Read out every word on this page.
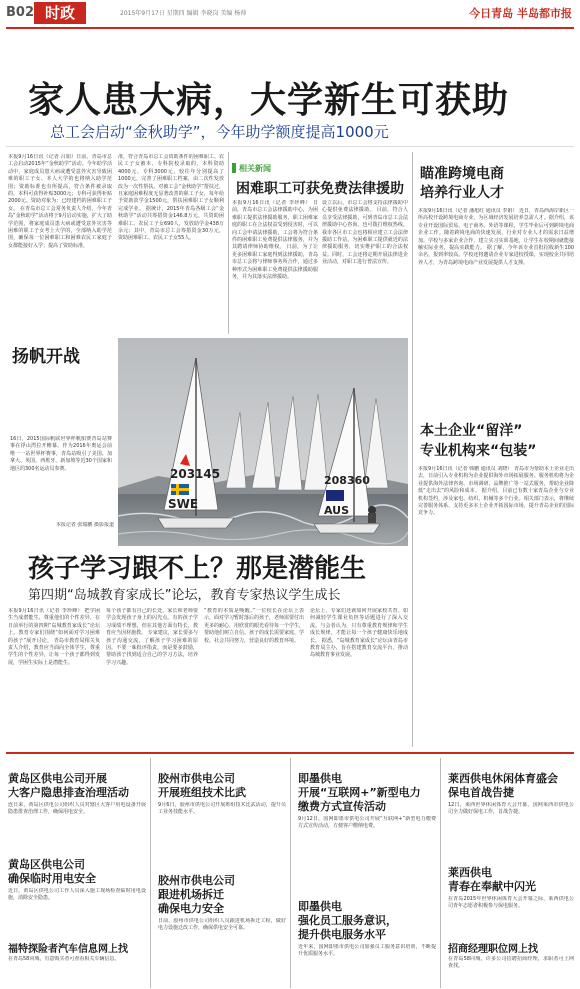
B02 时政	2015年9月17日 星期四 编辑 李晓岗 美编 杨帅	今日青岛 半岛都市报
家人患大病，大学新生可获助
总工会启动“金秋助学”，今年助学额度提高1000元
本报9月16日讯（记者 吕娟）日前，青岛市总工会启动2015年“金秋助学”活动。今年助学活动中，家庭成员患大病或遭受意外灾害导致困难的职工子女、本人大学的也将纳入助学范围；资助标准也有所提高，符合条件被录取的，本科可获得补贴3000元；专科可获得补贴2000元。资助对象为：已经建档的困难职工子女。 在青岛市总工会常务负责人介绍，今年青岛“金秋助学”活动将于9月启动实施，扩大了助学范围，将家庭成员患大病或遭受意外灾害等困难的职工子女考上大学的，全部纳入助学范围，确保每一位困难职工和困难农民工家庭子女都能接好入学；提高了资助标准，
准，符合青岛市总工会资助条件的困难职工、农民工子女被本、专科院校录取的，本科资助4000元，专科3000元，较往年分别提高了1000元，完善了困难职工档案，由二次性发放改为一次性帮扶。对被工会“金秋助学”帮扶过，且家庭困难程度无显著改善的职工子女，每年给予资助款学金1500元，帮扶困难职工子女顺利完成学业。 据统计，2015年青岛各级工会“金秋助学”活动共筹措资金146.8万元，共资助困难职工、农民工子女690人，发放助学金438万余元；其中，青岛市总工会筹措资金30万元，资助困难职工、农民工子女55人。
相关新闻
困难职工可获免费法律援助
本报9月16日讯（记者 李珍峰） 日前，青岛市总工会法律援助中心，为困难职工提供法律援助服务，职工困难家庭的职工在合法权益受到侵害时，可以向工会申请法律援助，工会将为符合条件的困难职工免费提供法律服务，并为其聘请律师协助维权。 日前，为了让更多困难职工家庭得到法律援助，青岛市总工会将与律师事务所合作，通过多种形式为困难职工免费提供法律援助服务，并为其落实法律援助。
设立以后，市总工会将支持法律援助中心提供免费法律援助。 目前，符合人员享受法律援助，可到青岛市总工会法律援助中心咨询，也可拨打维权热线。我市各区市工会也将相应建立工会法律援助工作站，为困难职工提供就近的法律援助服务，切实维护职工的合法权益。同时，工会还将定期开展法律进企业活动，对职工进行普法宣传。
扬帆开战
16日，2015国际帆联世界杯帆船赛青岛站赛事在浮山湾拉开帷幕。作为2016年奥运会前唯一一站世界杯赛事，青岛站吸引了美国、加拿大、英国、西班牙、新加坡等近30个国家和地区的300名运动员参赛。
本报记者 张瑞鹏 摄影报道
203145
SWE
208360
AUS
瞄准跨境电商
培养行业人才
本报9月16日讯（记者 潘旭红 通讯员 李娟） 近日，青岛西海岸新区一所高校开设跨境电商专业，为区域经济发展培养急需人才。据介绍，该专业开设国际贸易、电子商务、外语等课程，学生毕业后可到跨境电商企业工作。随着跨境电商的快速发展，行业对专业人才的需求日益增加。学校与多家企业合作，建立实习实训基地，让学生在校期间就能接触实际业务，提高实践能力。 据了解，今年该专业首批招收新生100余名，报到率较高。学校还将邀请企业专家进校授课，实现校企共同培养人才，为青岛跨境电商产业发展提供人才支撑。
本土企业“留洋”
专业机构来“包装”
本报9月16日讯（记者 韩鹏 通讯员 刘晓） 青岛市为帮助本土企业走出去，日前引入专业机构为企业提供海外市场拓展服务。服务机构将为企业提供海外法律咨询、市场调研、品牌推广等一站式服务，帮助企业降低“走出去”的风险和成本。 据介绍，目前已有数十家青岛企业与专业机构签约，涉及家电、纺织、机械等多个行业。相关部门表示，将继续完善服务体系，支持更多本土企业开拓国际市场，提升青岛企业的国际竞争力。
孩子学习跟不上？那是潜能生
第四期“岛城教育家成长”论坛，教育专家热议学生成长
本报9月16日讯（记者 李珍峰） 把学困生当成潜能生、尊重他们的个性差异，在日前举行的第四期“岛城教育家成长”论坛上，教育专家们围绕“如何面对学习困难的孩子”展开讨论。 青岛市教育局相关负责人介绍，教育应当面向全体学生，尊重学生的个性差异，让每一个孩子都得到发展，学困生实际上是潜能生。
每个孩子都有自己的长处，家长和老师要学会发现孩子身上的闪光点。有的孩子学习成绩不理想，但在其他方面有特长，教育应当因材施教。 专家建议，家长要多与孩子沟通交流，了解孩子学习困难的原因，不要一味批评指责，而是要多鼓励，帮助孩子找到适合自己的学习方法，培养学习兴趣。
“教育的本质是唤醒。”一位校长在论坛上表示，面对学习暂时落后的孩子，老师需要付出更多的耐心，用欣赏的眼光看待每一个学生，帮助他们树立自信。孩子的成长需要家庭、学校、社会共同努力，营造良好的教育环境。
论坛上，专家们还就如何开展家校共育、如何减轻学生课业负担等话题进行了深入交流。与会者认为，只有尊重教育规律和学生成长规律，才能让每一个孩子健康快乐地成长。 据悉，“岛城教育家成长”论坛由青岛市教育局主办，旨在搭建教育交流平台，推动岛城教育事业发展。
黄岛区供电公司开展
大客户隐患排查治理活动
连日来，黄岛区供电公司组织人员对辖区大客户用电设备开展隐患排查治理工作，确保用电安全。
黄岛区供电公司
确保临时用电安全
近日，黄岛区供电公司工作人员深入施工现场检查临时用电设施，消除安全隐患。
福特探险者汽车信息网上找
在青岛58同城，有意购买者可查看相关车辆信息。
胶州市供电公司
开展班组技术比武
9月6日，胶州市供电公司开展班组技术比武活动，提升员工业务技能水平。
胶州市供电公司
跟进机场拆迁
确保电力安全
日前，胶州市供电公司组织人员跟进机场拆迁工程，做好电力设施迁改工作，确保供电安全可靠。
即墨供电
开展“互联网+”新型电力
缴费方式宣传活动
9月12日，国网即墨市供电公司开展“互联网+”新型电力缴费方式宣传活动，方便客户缴纳电费。
即墨供电
强化员工服务意识，
提升供电服务水平
近年来，国网即墨市供电公司加强员工服务意识培训，不断提升优质服务水平。
莱西供电休闲体育盛会
保电首战告捷
12日，莱西世界休闲体育大会开幕，国网莱西市供电公司全力做好保电工作，首战告捷。
莱西供电
青春在奉献中闪光
在青岛2015年世界休闲体育大会开幕之际，莱西供电公司青年志愿者积极参与保电服务。
招商经理职位网上找
在青岛58同城，许多公司招聘招商经理，求职者可上网查找。
